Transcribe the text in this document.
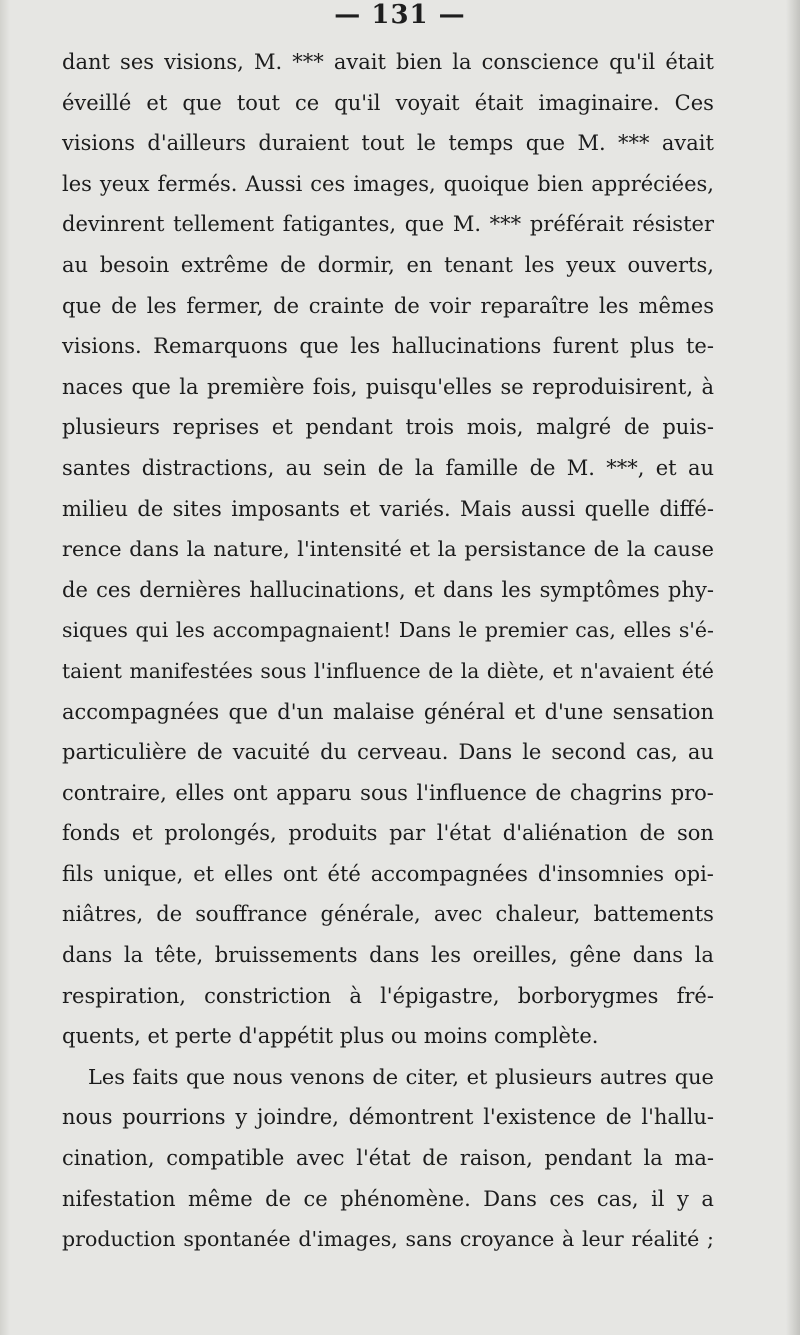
— 131 —
dant ses visions, M. *** avait bien la conscience qu'il était
éveillé et que tout ce qu'il voyait était imaginaire. Ces
visions d'ailleurs duraient tout le temps que M. *** avait
les yeux fermés. Aussi ces images, quoique bien appréciées,
devinrent tellement fatigantes, que M. *** préférait résister
au besoin extrême de dormir, en tenant les yeux ouverts,
que de les fermer, de crainte de voir reparaître les mêmes
visions. Remarquons que les hallucinations furent plus te-
naces que la première fois, puisqu'elles se reproduisirent, à
plusieurs reprises et pendant trois mois, malgré de puis-
santes distractions, au sein de la famille de M. ***, et au
milieu de sites imposants et variés. Mais aussi quelle diffé-
rence dans la nature, l'intensité et la persistance de la cause
de ces dernières hallucinations, et dans les symptômes phy-
siques qui les accompagnaient! Dans le premier cas, elles s'é-
taient manifestées sous l'influence de la diète, et n'avaient été
accompagnées que d'un malaise général et d'une sensation
particulière de vacuité du cerveau. Dans le second cas, au
contraire, elles ont apparu sous l'influence de chagrins pro-
fonds et prolongés, produits par l'état d'aliénation de son
fils unique, et elles ont été accompagnées d'insomnies opi-
niâtres, de souffrance générale, avec chaleur, battements
dans la tête, bruissements dans les oreilles, gêne dans la
respiration, constriction à l'épigastre, borborygmes fré-
quents, et perte d'appétit plus ou moins complète.
Les faits que nous venons de citer, et plusieurs autres que
nous pourrions y joindre, démontrent l'existence de l'hallu-
cination, compatible avec l'état de raison, pendant la ma-
nifestation même de ce phénomène. Dans ces cas, il y a
production spontanée d'images, sans croyance à leur réalité ;
